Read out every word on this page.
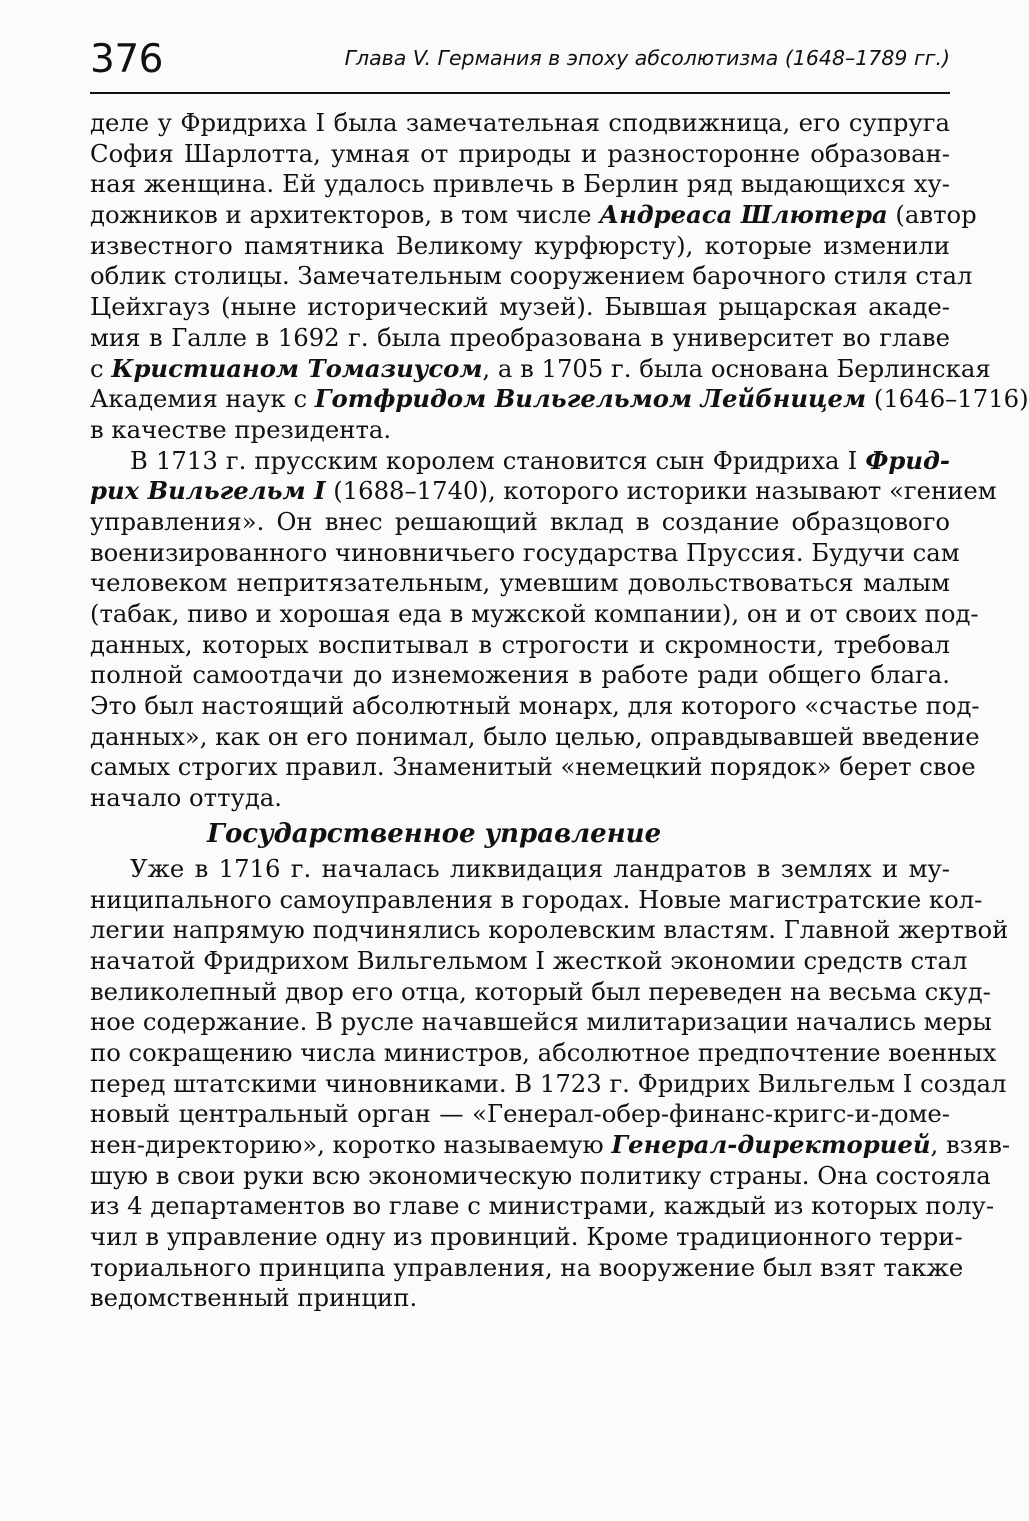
376	Глава V. Германия в эпоху абсолютизма (1648–1789 гг.)
деле у Фридриха I была замечательная сподвижница, его супруга
София Шарлотта, умная от природы и разносторонне образован-
ная женщина. Ей удалось привлечь в Берлин ряд выдающихся ху-
дожников и архитекторов, в том числе Андреаса Шлютера (автор
известного памятника Великому курфюрсту), которые изменили
облик столицы. Замечательным сооружением барочного стиля стал
Цейхгауз (ныне исторический музей). Бывшая рыцарская акаде-
мия в Галле в 1692 г. была преобразована в университет во главе
с Кристианом Томазиусом, а в 1705 г. была основана Берлинская
Академия наук с Готфридом Вильгельмом Лейбницем (1646–1716)
в качестве президента.
В 1713 г. прусским королем становится сын Фридриха I Фрид-
рих Вильгельм I (1688–1740), которого историки называют «гением
управления». Он внес решающий вклад в создание образцового
военизированного чиновничьего государства Пруссия. Будучи сам
человеком непритязательным, умевшим довольствоваться малым
(табак, пиво и хорошая еда в мужской компании), он и от своих под-
данных, которых воспитывал в строгости и скромности, требовал
полной самоотдачи до изнеможения в работе ради общего блага.
Это был настоящий абсолютный монарх, для которого «счастье под-
данных», как он его понимал, было целью, оправдывавшей введение
самых строгих правил. Знаменитый «немецкий порядок» берет свое
начало оттуда.
Государственное управление
Уже в 1716 г. началась ликвидация ландратов в землях и му-
ниципального самоуправления в городах. Новые магистратские кол-
легии напрямую подчинялись королевским властям. Главной жертвой
начатой Фридрихом Вильгельмом I жесткой экономии средств стал
великолепный двор его отца, который был переведен на весьма скуд-
ное содержание. В русле начавшейся милитаризации начались меры
по сокращению числа министров, абсолютное предпочтение военных
перед штатскими чиновниками. В 1723 г. Фридрих Вильгельм I создал
новый центральный орган — «Генерал-обер-финанс-кригс-и-доме-
нен-директорию», коротко называемую Генерал-директорией, взяв-
шую в свои руки всю экономическую политику страны. Она состояла
из 4 департаментов во главе с министрами, каждый из которых полу-
чил в управление одну из провинций. Кроме традиционного терри-
ториального принципа управления, на вооружение был взят также
ведомственный принцип.
